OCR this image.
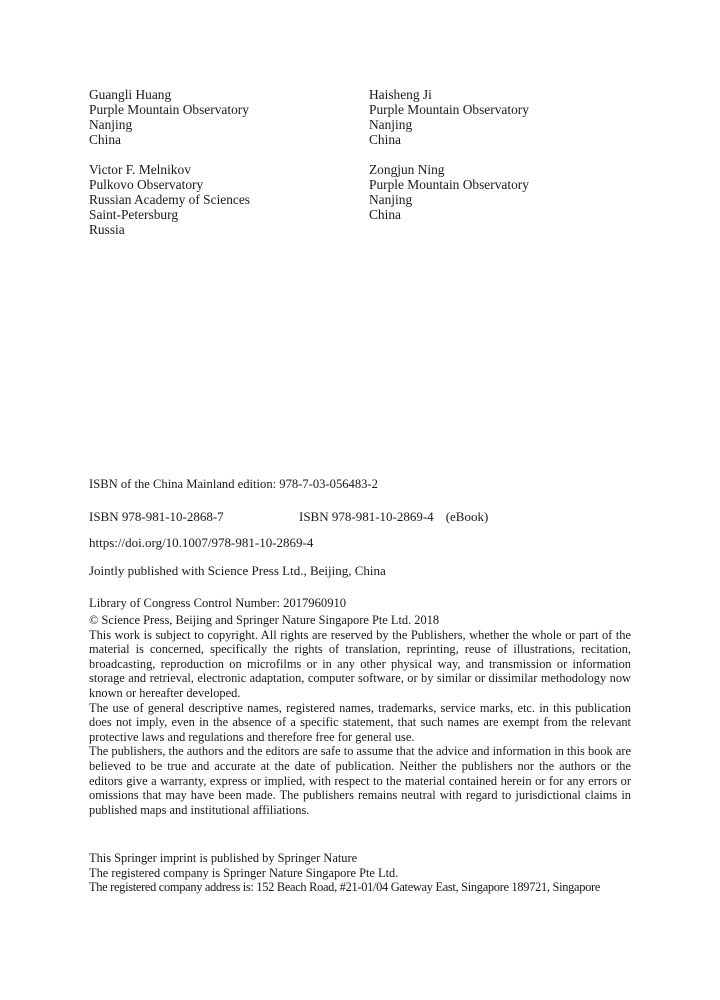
Guangli Huang
Purple Mountain Observatory
Nanjing
China
Haisheng Ji
Purple Mountain Observatory
Nanjing
China
Victor F. Melnikov
Pulkovo Observatory
Russian Academy of Sciences
Saint-Petersburg
Russia
Zongjun Ning
Purple Mountain Observatory
Nanjing
China
ISBN of the China Mainland edition: 978-7-03-056483-2
ISBN 978-981-10-2868-7	ISBN 978-981-10-2869-4 (eBook)
https://doi.org/10.1007/978-981-10-2869-4
Jointly published with Science Press Ltd., Beijing, China
Library of Congress Control Number: 2017960910

© Science Press, Beijing and Springer Nature Singapore Pte Ltd. 2018

This work is subject to copyright. All rights are reserved by the Publishers, whether the whole or part of the material is concerned, specifically the rights of translation, reprinting, reuse of illustrations, recitation, broadcasting, reproduction on microfilms or in any other physical way, and transmission or information storage and retrieval, electronic adaptation, computer software, or by similar or dissimilar methodology now known or hereafter developed.

The use of general descriptive names, registered names, trademarks, service marks, etc. in this publication does not imply, even in the absence of a specific statement, that such names are exempt from the relevant protective laws and regulations and therefore free for general use.

The publishers, the authors and the editors are safe to assume that the advice and information in this book are believed to be true and accurate at the date of publication. Neither the publishers nor the authors or the editors give a warranty, express or implied, with respect to the material contained herein or for any errors or omissions that may have been made. The publishers remains neutral with regard to jurisdictional claims in published maps and institutional affiliations.

This Springer imprint is published by Springer Nature
The registered company is Springer Nature Singapore Pte Ltd.
The registered company address is: 152 Beach Road, #21-01/04 Gateway East, Singapore 189721, Singapore
